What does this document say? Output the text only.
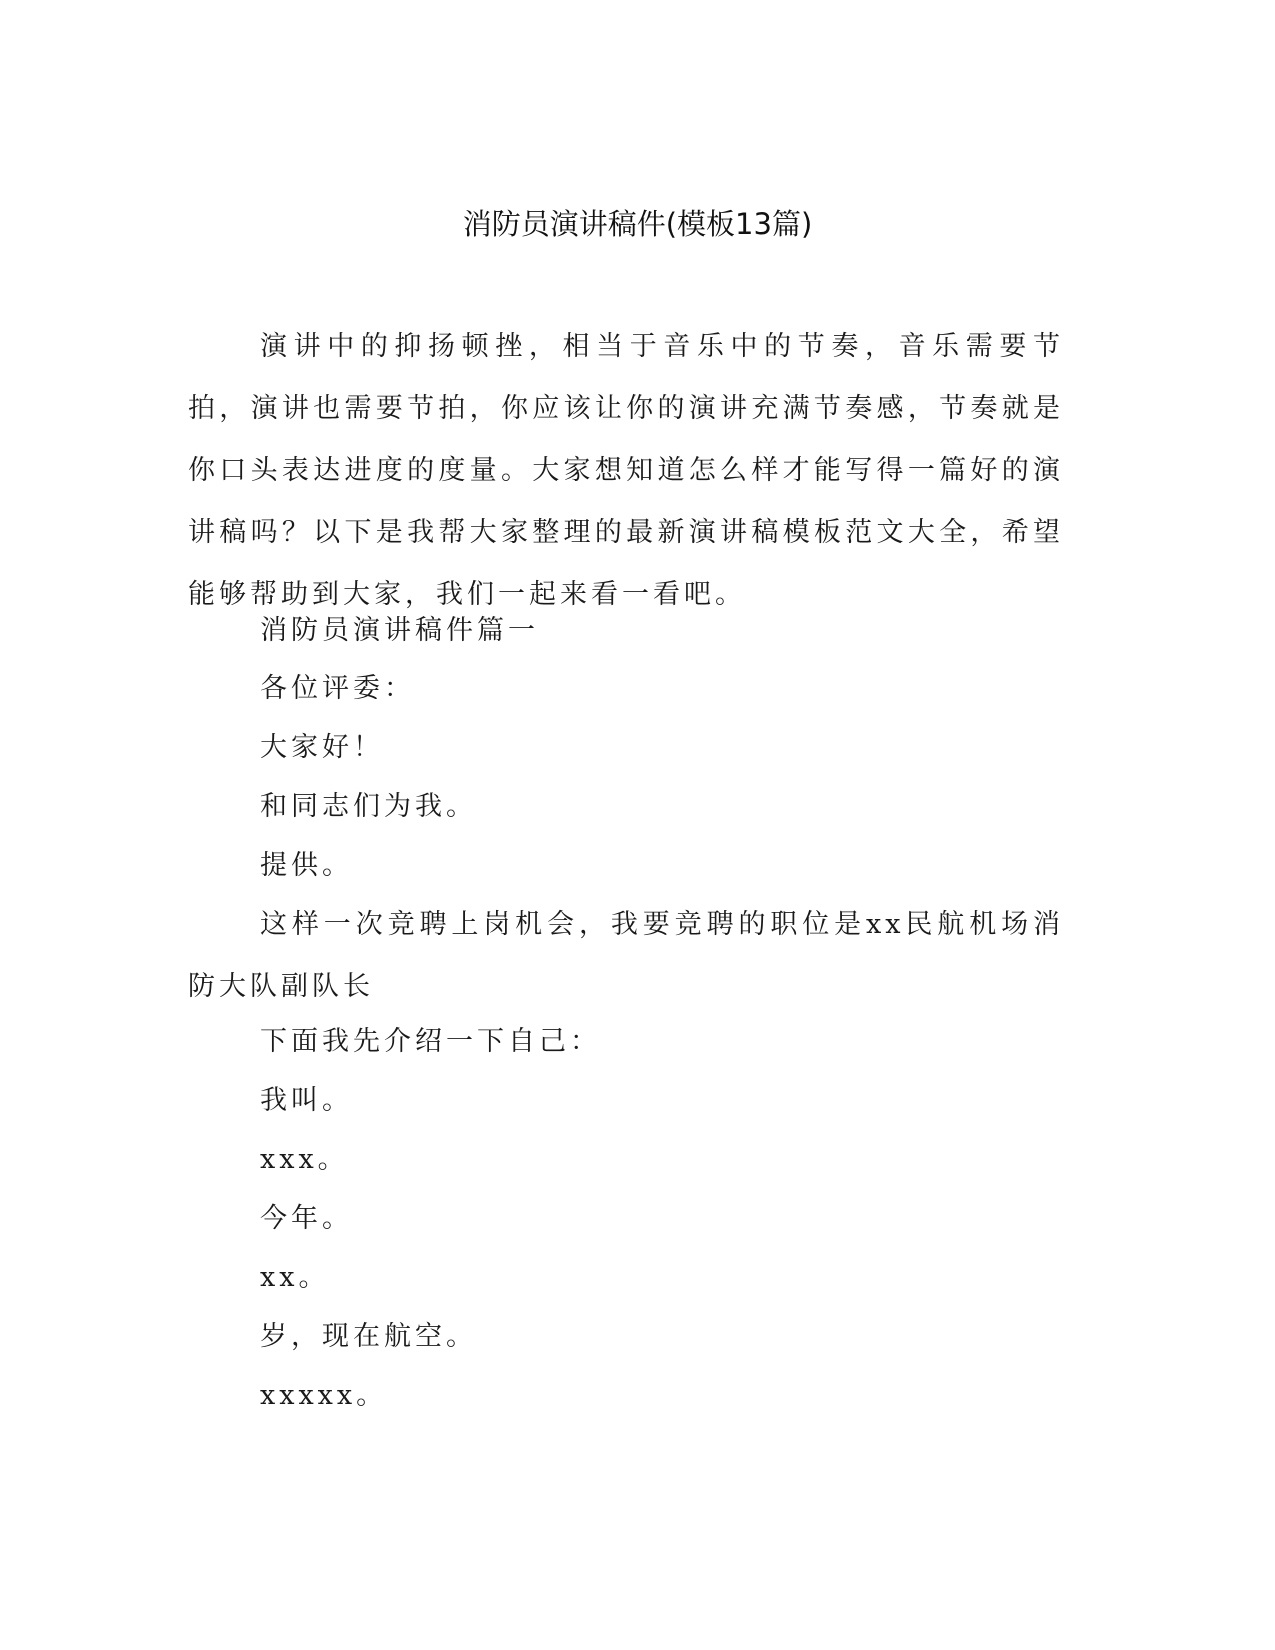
消防员演讲稿件(模板13篇)

演讲中的抑扬顿挫，相当于音乐中的节奏，音乐需要节拍，演讲也需要节拍，你应该让你的演讲充满节奏感，节奏就是你口头表达进度的度量。大家想知道怎么样才能写得一篇好的演讲稿吗？以下是我帮大家整理的最新演讲稿模板范文大全，希望能够帮助到大家，我们一起来看一看吧。

消防员演讲稿件篇一

各位评委：

大家好！

和同志们为我。

提供。

这样一次竞聘上岗机会，我要竞聘的职位是xx民航机场消防大队副队长

下面我先介绍一下自己：

我叫。

xxx。

今年。

xx。

岁，现在航空。

xxxxx。
